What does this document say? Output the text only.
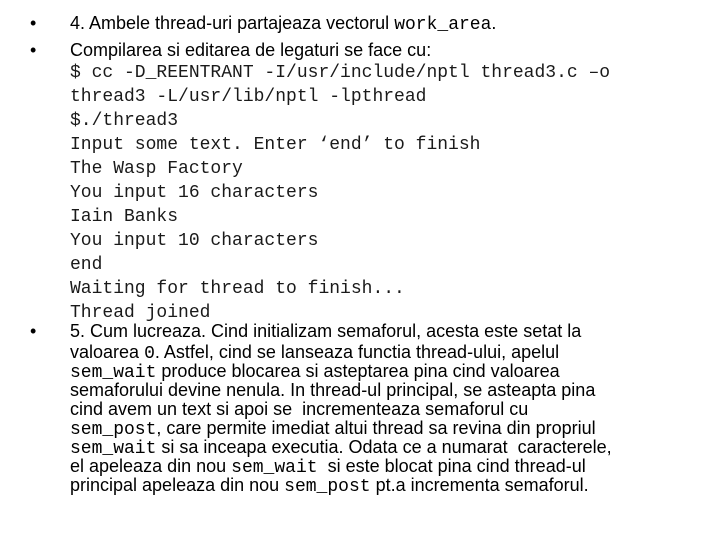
•	4. Ambele thread-uri partajeaza vectorul work_area.
•	Compilarea si editarea de legaturi se face cu:
$ cc -D_REENTRANT -I/usr/include/nptl thread3.c –o
thread3 -L/usr/lib/nptl -lpthread
$./thread3
Input some text. Enter ‘end’ to finish
The Wasp Factory
You input 16 characters
Iain Banks
You input 10 characters
end
Waiting for thread to finish...
Thread joined
•	5. Cum lucreaza. Cind initializam semaforul, acesta este setat la
valoarea 0. Astfel, cind se lanseaza functia thread-ului, apelul
sem_wait produce blocarea si asteptarea pina cind valoarea
semaforului devine nenula. In thread-ul principal, se asteapta pina
cind avem un text si apoi se  incrementeaza semaforul cu
sem_post, care permite imediat altui thread sa revina din propriul
sem_wait si sa inceapa executia. Odata ce a numarat  caracterele,
el apeleaza din nou sem_wait  si este blocat pina cind thread-ul
principal apeleaza din nou sem_post pt.a incrementa semaforul.
